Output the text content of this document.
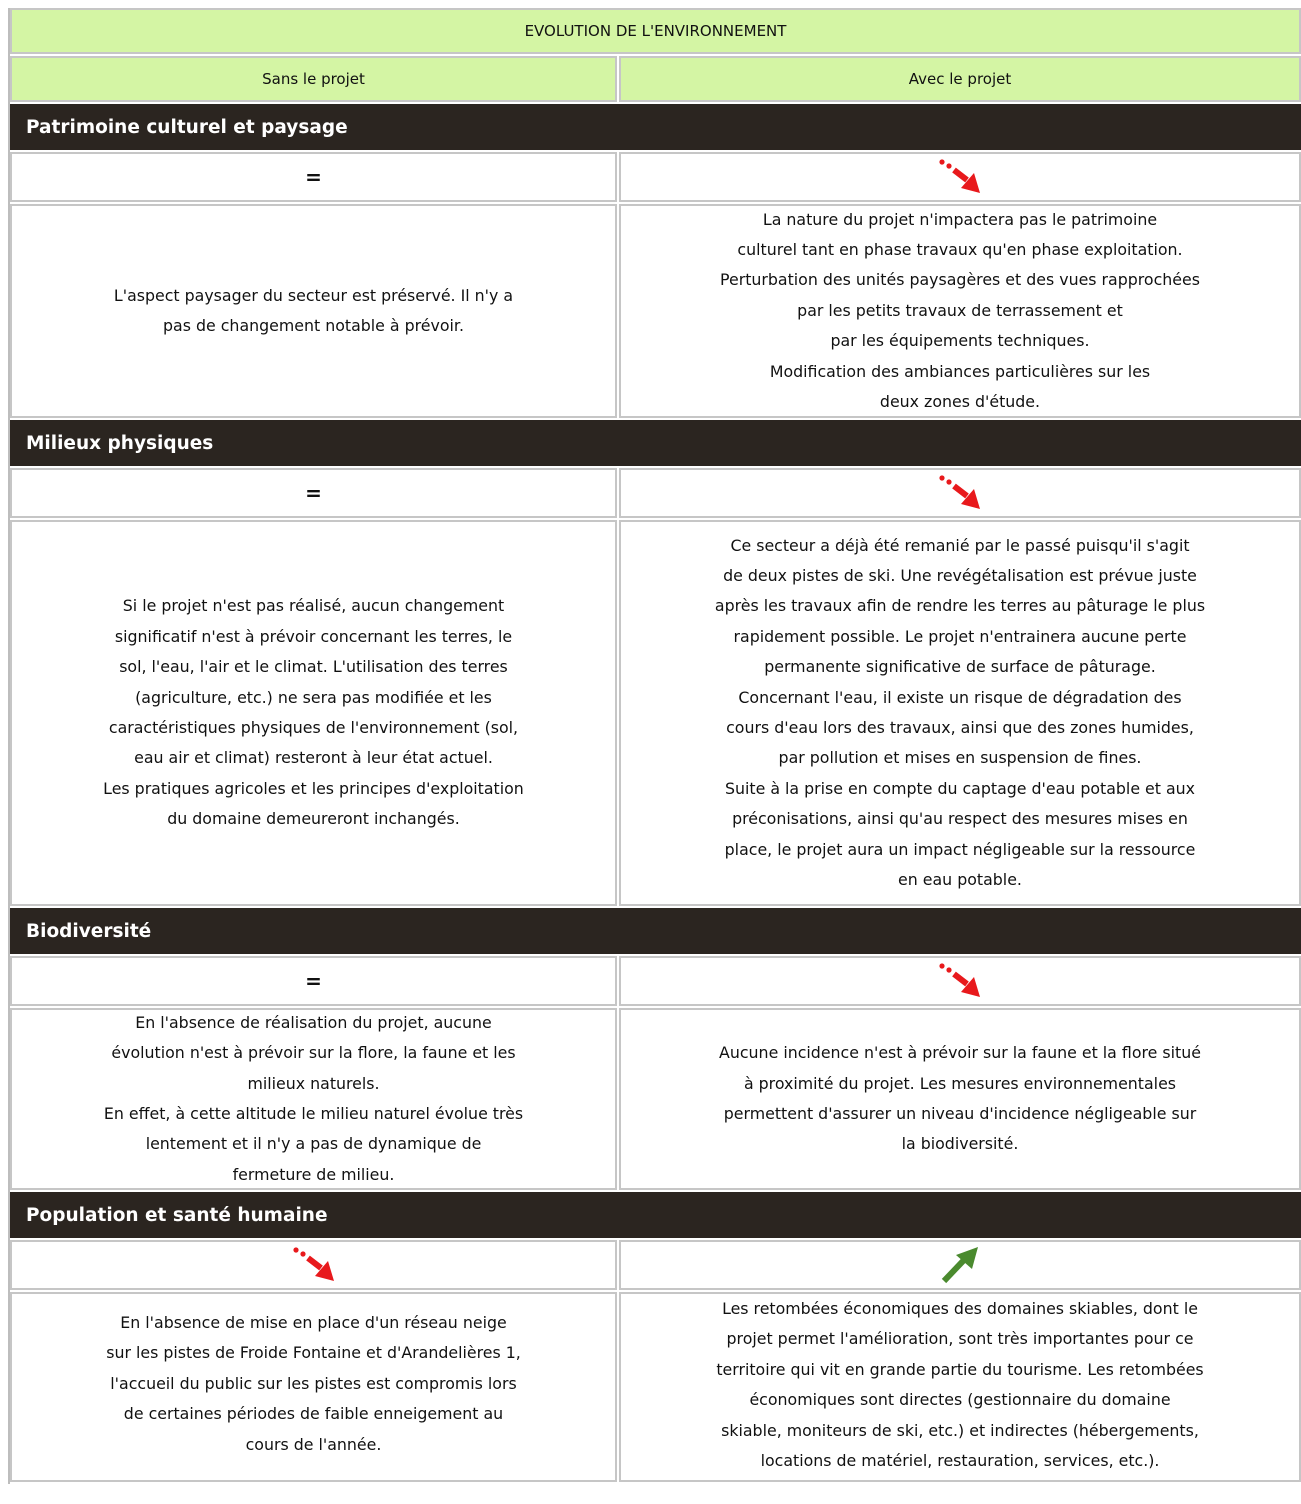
EVOLUTION DE L'ENVIRONNEMENT
Sans le projet	Avec le projet
Patrimoine culturel et paysage
=
L'aspect paysager du secteur est préservé. Il n'y a
pas de changement notable à prévoir.
La nature du projet n'impactera pas le patrimoine
culturel tant en phase travaux qu'en phase exploitation.
Perturbation des unités paysagères et des vues rapprochées
par les petits travaux de terrassement et
par les équipements techniques.
Modification des ambiances particulières sur les
deux zones d'étude.
Milieux physiques
=
Si le projet n'est pas réalisé, aucun changement
significatif n'est à prévoir concernant les terres, le
sol, l'eau, l'air et le climat. L'utilisation des terres
(agriculture, etc.) ne sera pas modifiée et les
caractéristiques physiques de l'environnement (sol,
eau air et climat) resteront à leur état actuel.
Les pratiques agricoles et les principes d'exploitation
du domaine demeureront inchangés.
Ce secteur a déjà été remanié par le passé puisqu'il s'agit
de deux pistes de ski. Une revégétalisation est prévue juste
après les travaux afin de rendre les terres au pâturage le plus
rapidement possible. Le projet n'entrainera aucune perte
permanente significative de surface de pâturage.
Concernant l'eau, il existe un risque de dégradation des
cours d'eau lors des travaux, ainsi que des zones humides,
par pollution et mises en suspension de fines.
Suite à la prise en compte du captage d'eau potable et aux
préconisations, ainsi qu'au respect des mesures mises en
place, le projet aura un impact négligeable sur la ressource
en eau potable.
Biodiversité
=
En l'absence de réalisation du projet, aucune
évolution n'est à prévoir sur la flore, la faune et les
milieux naturels.
En effet, à cette altitude le milieu naturel évolue très
lentement et il n'y a pas de dynamique de
fermeture de milieu.
Aucune incidence n'est à prévoir sur la faune et la flore situé
à proximité du projet. Les mesures environnementales
permettent d'assurer un niveau d'incidence négligeable sur
la biodiversité.
Population et santé humaine
En l'absence de mise en place d'un réseau neige
sur les pistes de Froide Fontaine et d'Arandelières 1,
l'accueil du public sur les pistes est compromis lors
de certaines périodes de faible enneigement au
cours de l'année.
Les retombées économiques des domaines skiables, dont le
projet permet l'amélioration, sont très importantes pour ce
territoire qui vit en grande partie du tourisme. Les retombées
économiques sont directes (gestionnaire du domaine
skiable, moniteurs de ski, etc.) et indirectes (hébergements,
locations de matériel, restauration, services, etc.).
